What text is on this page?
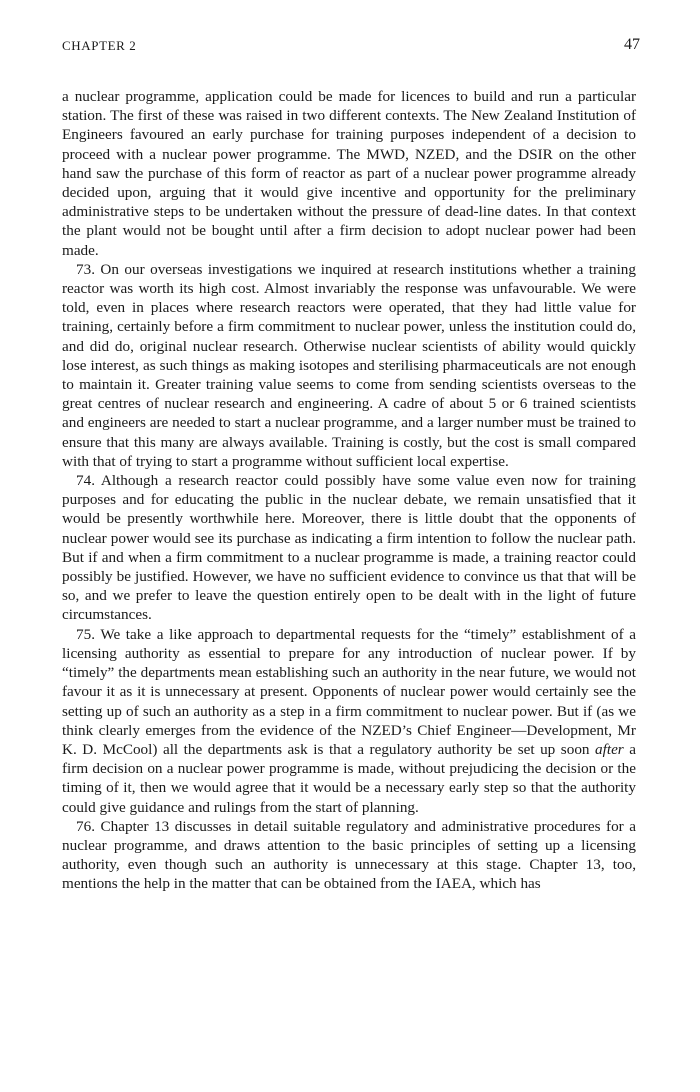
CHAPTER 2	47

a nuclear programme, application could be made for licences to build and run a particular station. The first of these was raised in two different contexts. The New Zealand Institution of Engineers favoured an early purchase for training purposes independent of a decision to proceed with a nuclear power programme. The MWD, NZED, and the DSIR on the other hand saw the purchase of this form of reactor as part of a nuclear power programme already decided upon, arguing that it would give incentive and opportunity for the preliminary administrative steps to be undertaken without the pressure of dead-line dates. In that context the plant would not be bought until after a firm decision to adopt nuclear power had been made.

73. On our overseas investigations we inquired at research institutions whether a training reactor was worth its high cost. Almost invariably the response was unfavourable. We were told, even in places where research reactors were operated, that they had little value for training, certainly before a firm commitment to nuclear power, unless the institution could do, and did do, original nuclear research. Otherwise nuclear scientists of ability would quickly lose interest, as such things as making isotopes and sterilising pharmaceuticals are not enough to maintain it. Greater training value seems to come from sending scientists overseas to the great centres of nuclear research and engineering. A cadre of about 5 or 6 trained scientists and engineers are needed to start a nuclear programme, and a larger number must be trained to ensure that this many are always available. Training is costly, but the cost is small compared with that of trying to start a programme without sufficient local expertise.

74. Although a research reactor could possibly have some value even now for training purposes and for educating the public in the nuclear debate, we remain unsatisfied that it would be presently worthwhile here. Moreover, there is little doubt that the opponents of nuclear power would see its purchase as indicating a firm intention to follow the nuclear path. But if and when a firm commitment to a nuclear programme is made, a training reactor could possibly be justified. However, we have no sufficient evidence to convince us that that will be so, and we prefer to leave the question entirely open to be dealt with in the light of future circumstances.

75. We take a like approach to departmental requests for the “timely” establishment of a licensing authority as essential to prepare for any introduction of nuclear power. If by “timely” the departments mean establishing such an authority in the near future, we would not favour it as it is unnecessary at present. Opponents of nuclear power would certainly see the setting up of such an authority as a step in a firm commitment to nuclear power. But if (as we think clearly emerges from the evidence of the NZED’s Chief Engineer—Development, Mr K. D. McCool) all the departments ask is that a regulatory authority be set up soon after a firm decision on a nuclear power programme is made, without prejudicing the decision or the timing of it, then we would agree that it would be a necessary early step so that the authority could give guidance and rulings from the start of planning.

76. Chapter 13 discusses in detail suitable regulatory and administrative procedures for a nuclear programme, and draws attention to the basic principles of setting up a licensing authority, even though such an authority is unnecessary at this stage. Chapter 13, too, mentions the help in the matter that can be obtained from the IAEA, which has
